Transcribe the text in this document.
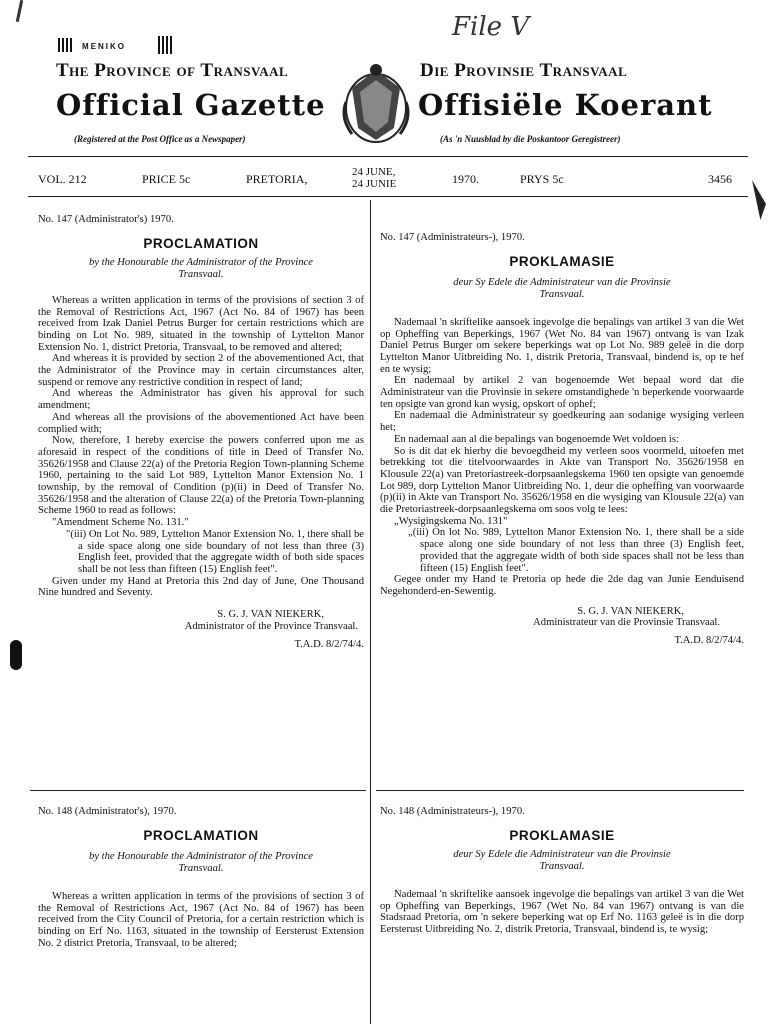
File V
MENIKO
The Province of Transvaal	Die Provinsie Transvaal
Official Gazette	Offisiële Koerant
(Registered at the Post Office as a Newspaper)	(As 'n Nuusblad by die Poskantoor Geregistreer)
VOL. 212	PRICE 5c	PRETORIA,	24 JUNE,
24 JUNIE	1970.	PRYS 5c	3456

No. 147 (Administrator's) 1970.

PROCLAMATION

by the Honourable the Administrator of the Province Transvaal.

Whereas a written application in terms of the provisions of section 3 of the Removal of Restrictions Act, 1967 (Act No. 84 of 1967) has been received from Izak Daniel Petrus Burger for certain restrictions which are binding on Lot No. 989, situated in the township of Lyttelton Manor Extension No. 1, district Pretoria, Transvaal, to be removed and altered;

And whereas it is provided by section 2 of the abovementioned Act, that the Administrator of the Province may in certain circumstances alter, suspend or remove any restrictive condition in respect of land;

And whereas the Administrator has given his approval for such amendment;

And whereas all the provisions of the abovementioned Act have been complied with;

Now, therefore, I hereby exercise the powers conferred upon me as aforesaid in respect of the conditions of title in Deed of Transfer No. 35626/1958 and Clause 22(a) of the Pretoria Region Town-planning Scheme 1960, pertaining to the said Lot 989, Lyttelton Manor Extension No. 1 township, by the removal of Condition (p)(ii) in Deed of Transfer No. 35626/1958 and the alteration of Clause 22(a) of the Pretoria Town-planning Scheme 1960 to read as follows:

"Amendment Scheme No. 131."

"(iii) On Lot No. 989, Lyttelton Manor Extension No. 1, there shall be a side space along one side boundary of not less than three (3) English feet, provided that the aggregate width of both side spaces shall be not less than fifteen (15) English feet".

Given under my Hand at Pretoria this 2nd day of June, One Thousand Nine hundred and Seventy.

S. G. J. VAN NIEKERK,

Administrator of the Province Transvaal.

T.A.D. 8/2/74/4.

No. 148 (Administrator's), 1970.

PROCLAMATION

by the Honourable the Administrator of the Province Transvaal.

Whereas a written application in terms of the provisions of section 3 of the Removal of Restrictions Act, 1967 (Act No. 84 of 1967) has been received from the City Council of Pretoria, for a certain restriction which is binding on Erf No. 1163, situated in the township of Eersterust Extension No. 2 district Pretoria, Transvaal, to be altered;

No. 147 (Administrateurs-), 1970.

PROKLAMASIE

deur Sy Edele die Administrateur van die Provinsie Transvaal.

Nademaal 'n skriftelike aansoek ingevolge die bepalings van artikel 3 van die Wet op Opheffing van Beperkings, 1967 (Wet No. 84 van 1967) ontvang is van Izak Daniel Petrus Burger om sekere beperkings wat op Lot No. 989 geleë in die dorp Lyttelton Manor Uitbreiding No. 1, distrik Pretoria, Transvaal, bindend is, op te hef en te wysig;

En nademaal by artikel 2 van bogenoemde Wet bepaal word dat die Administrateur van die Provinsie in sekere omstandighede 'n beperkende voorwaarde ten opsigte van grond kan wysig, opskort of ophef;

En nademaal die Administrateur sy goedkeuring aan sodanige wysiging verleen het;

En nademaal aan al die bepalings van bogenoemde Wet voldoen is:

So is dit dat ek hierby die bevoegdheid my verleen soos voormeld, uitoefen met betrekking tot die titelvoorwaardes in Akte van Transport No. 35626/1958 en Klousule 22(a) van Pretoriastreek-dorpsaanlegskema 1960 ten opsigte van genoemde Lot 989, dorp Lyttelton Manor Uitbreiding No. 1, deur die opheffing van voorwaarde (p)(ii) in Akte van Transport No. 35626/1958 en die wysiging van Klousule 22(a) van die Pretoriastreek-dorpsaanlegskema om soos volg te lees:

„Wysigingskema No. 131"

„(iii) On lot No. 989, Lyttelton Manor Extension No. 1, there shall be a side space along one side boundary of not less than three (3) English feet, provided that the aggregate width of both side spaces shall not be less than fifteen (15) English feet".

Gegee onder my Hand te Pretoria op hede die 2de dag van Junie Eenduisend Negehonderd-en-Sewentig.

S. G. J. VAN NIEKERK,

Administrateur van die Provinsie Transvaal.

T.A.D. 8/2/74/4.

No. 148 (Administrateurs-), 1970.

PROKLAMASIE

deur Sy Edele die Administrateur van die Provinsie Transvaal.

Nademaal 'n skriftelike aansoek ingevolge die bepalings van artikel 3 van die Wet op Opheffing van Beperkings, 1967 (Wet No. 84 van 1967) ontvang is van die Stadsraad Pretoria, om 'n sekere beperking wat op Erf No. 1163 geleë is in die dorp Eersterust Uitbreiding No. 2, distrik Pretoria, Transvaal, bindend is, te wysig;
